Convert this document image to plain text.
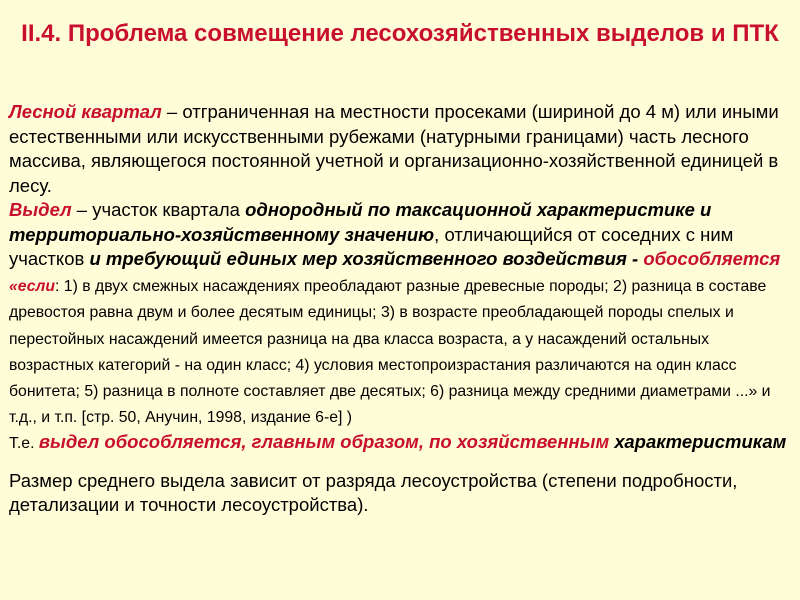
II.4. Проблема совмещение лесохозяйственных выделов и ПТК

Лесной квартал – отграниченная на местности просеками (шириной до 4 м) или иными естественными или искусственными рубежами (натурными границами) часть лесного массива, являющегося постоянной учетной и организационно-хозяйственной единицей в лесу.

Выдел – участок квартала однородный по таксационной характеристике и территориально-хозяйственному значению, отличающийся от соседних с ним участков и требующий единых мер хозяйственного воздействия - обособляется «если: 1) в двух смежных насаждениях преобладают разные древесные породы; 2) разница в составе древостоя равна двум и более десятым единицы; 3) в возрасте преобладающей породы спелых и перестойных насаждений имеется разница на два класса возраста, а у насаждений остальных возрастных категорий - на один класс; 4) условия местопроизрастания различаются на один класс бонитета; 5) разница в полноте составляет две десятых; 6) разница между средними диаметрами ...» и т.д., и т.п. [стр. 50, Анучин, 1998, издание 6-е] )
Т.е. выдел обособляется, главным образом, по хозяйственным характеристикам

Размер среднего выдела зависит от разряда лесоустройства (степени подробности, детализации и точности лесоустройства).
